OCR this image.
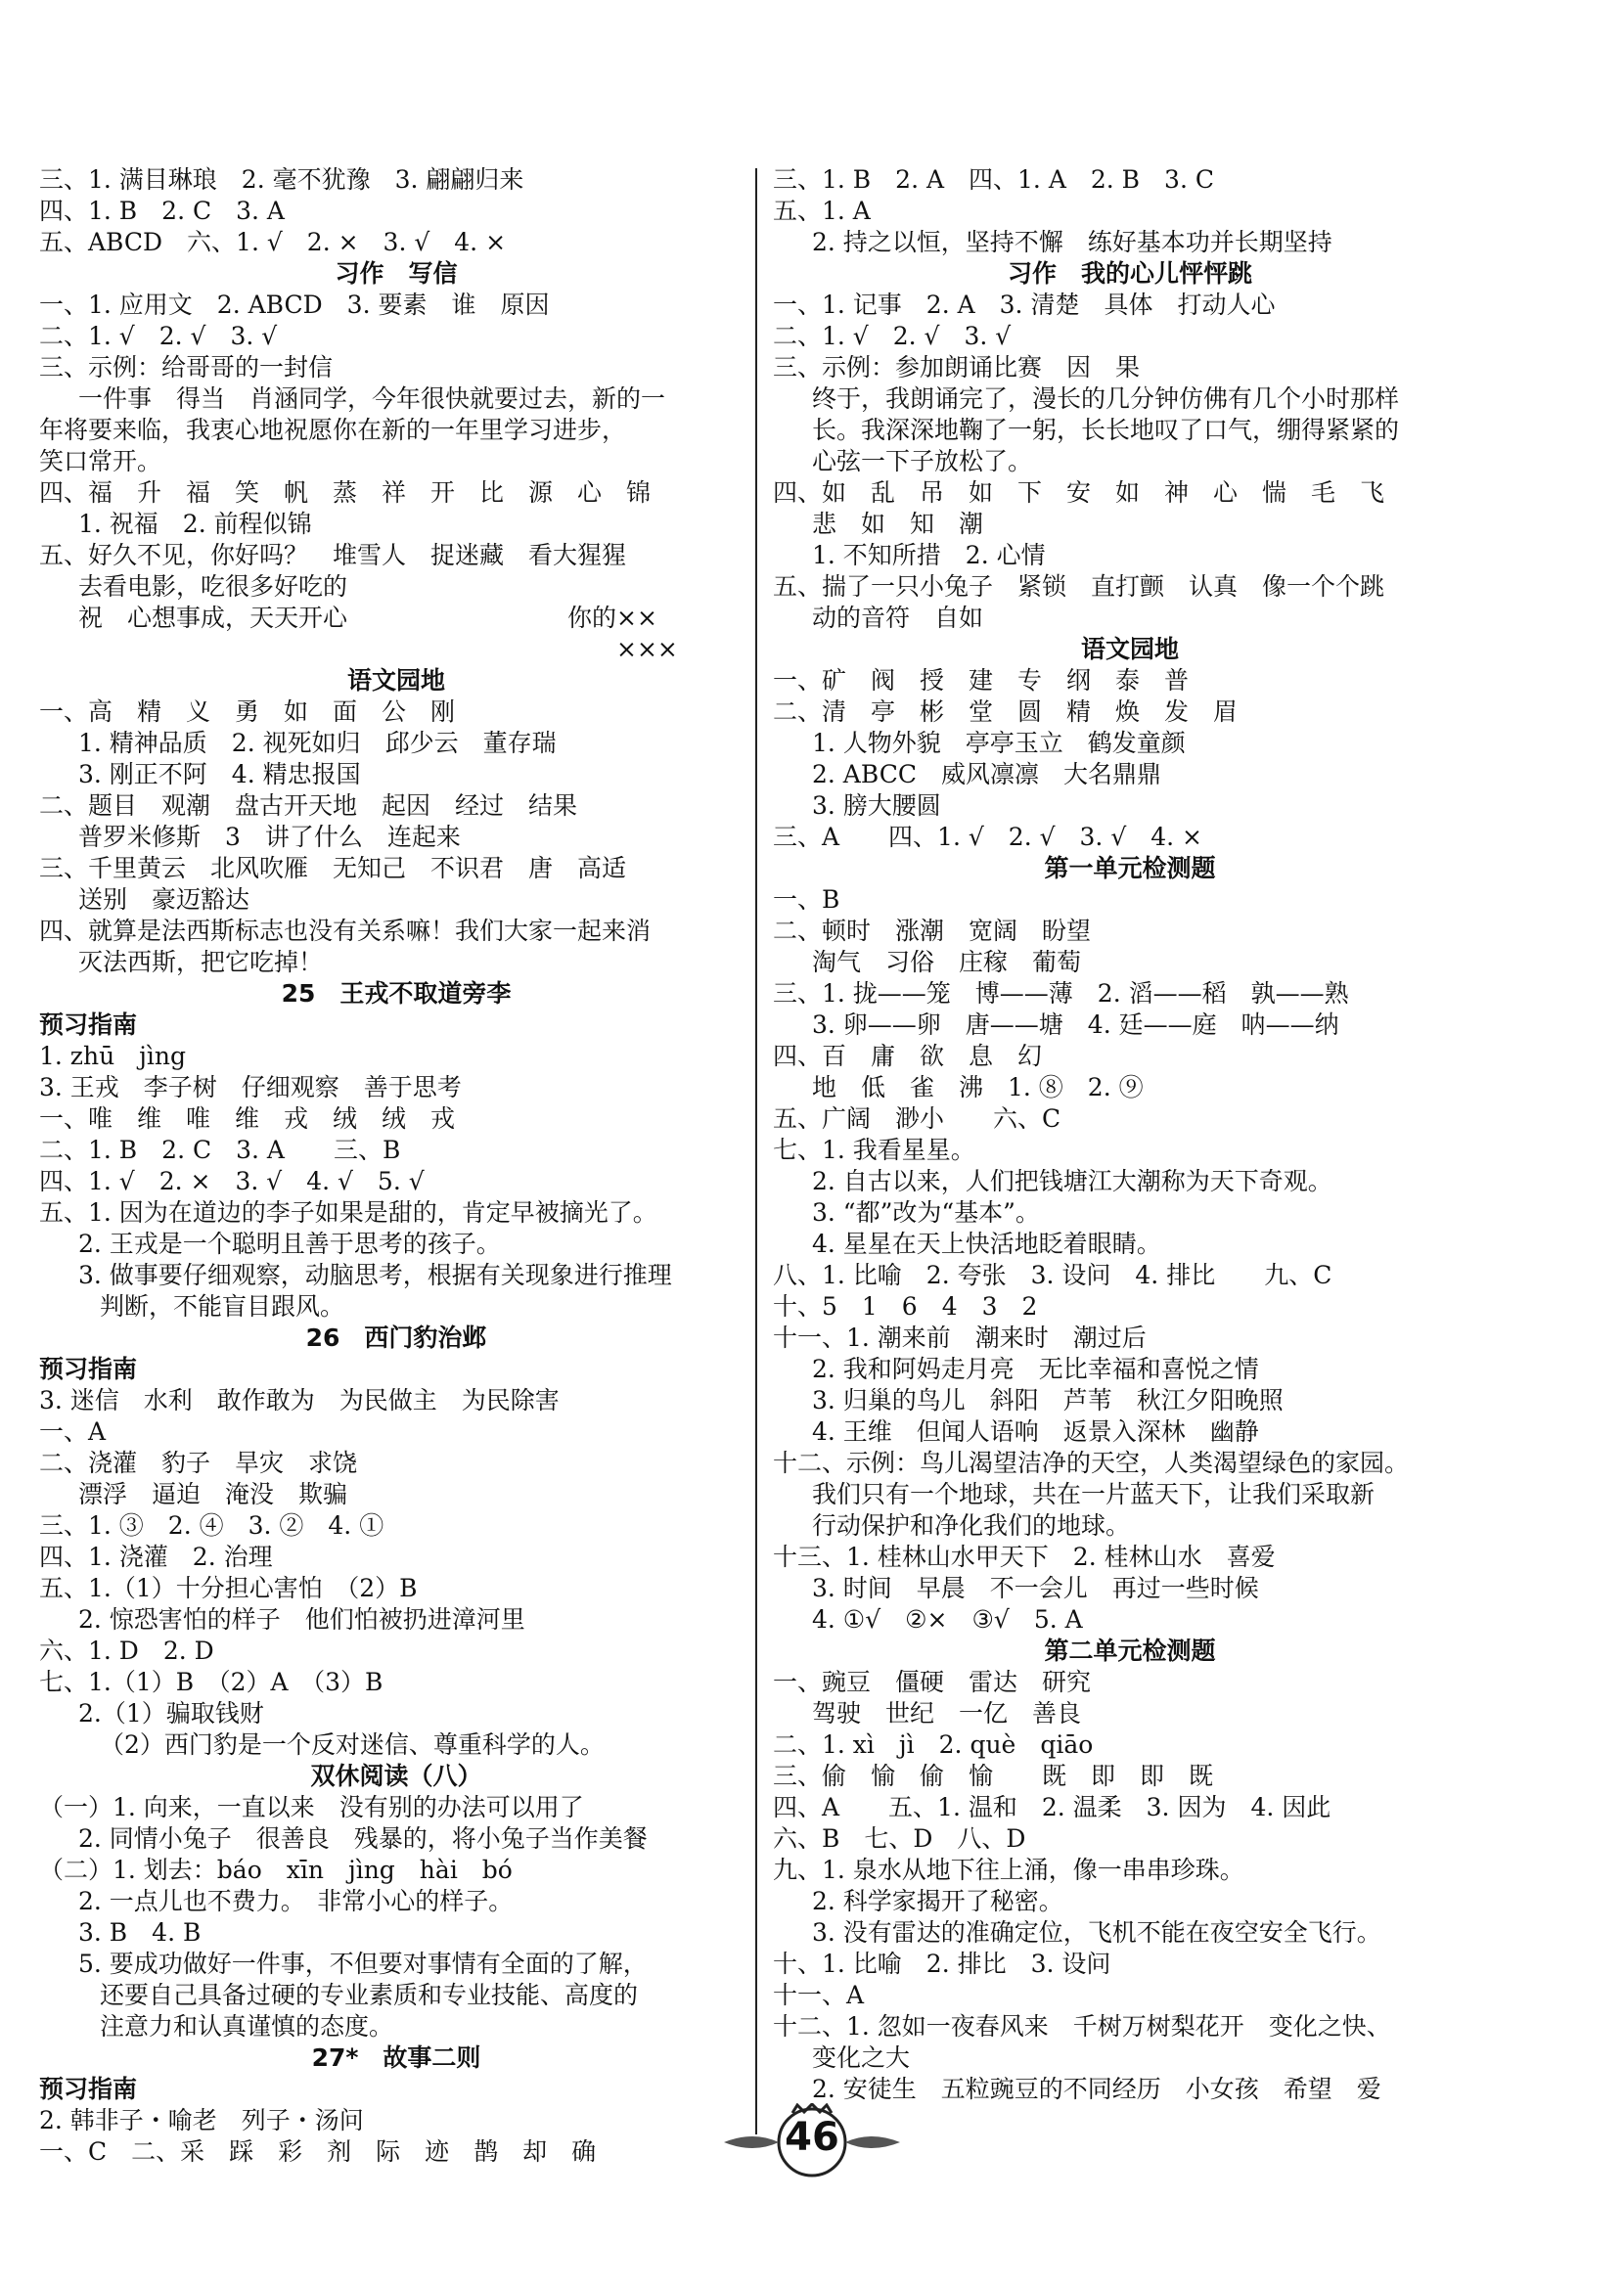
三、1. 满目琳琅　2. 毫不犹豫　3. 翩翩归来
四、1. B　2. C　3. A
五、ABCD　六、1. √　2. ×　3. √　4. ×
习作　写信
一、1. 应用文　2. ABCD　3. 要素　谁　原因
二、1. √　2. √　3. √
三、示例：给哥哥的一封信
一件事　得当　肖涵同学，今年很快就要过去，新的一
年将要来临，我衷心地祝愿你在新的一年里学习进步，
笑口常开。
四、福　升　福　笑　帆　蒸　祥　开　比　源　心　锦
1. 祝福　2. 前程似锦
五、好久不见，你好吗？　堆雪人　捉迷藏　看大猩猩
去看电影，吃很多好吃的
祝　心想事成，天天开心　　　　　　　　　你的××
　　　　　　　　　　　　　　　　　　　　　　×××
语文园地
一、高　精　义　勇　如　面　公　刚
1. 精神品质　2. 视死如归　邱少云　董存瑞
3. 刚正不阿　4. 精忠报国
二、题目　观潮　盘古开天地　起因　经过　结果
普罗米修斯　3　讲了什么　连起来
三、千里黄云　北风吹雁　无知己　不识君　唐　高适
送别　豪迈豁达
四、就算是法西斯标志也没有关系嘛！我们大家一起来消
灭法西斯，把它吃掉！
25　王戎不取道旁李
预习指南
1. zhū　jìng
3. 王戎　李子树　仔细观察　善于思考
一、唯　维　唯　维　戎　绒　绒　戎
二、1. B　2. C　3. A　　三、B
四、1. √　2. ×　3. √　4. √　5. √
五、1. 因为在道边的李子如果是甜的，肯定早被摘光了。
2. 王戎是一个聪明且善于思考的孩子。
3. 做事要仔细观察，动脑思考，根据有关现象进行推理
判断，不能盲目跟风。
26　西门豹治邺
预习指南
3. 迷信　水利　敢作敢为　为民做主　为民除害
一、A
二、浇灌　豹子　旱灾　求饶
漂浮　逼迫　淹没　欺骗
三、1. ③　2. ④　3. ②　4. ①
四、1. 浇灌　2. 治理
五、1.（1）十分担心害怕　（2）B
2. 惊恐害怕的样子　他们怕被扔进漳河里
六、1. D　2. D
七、1.（1）B　（2）A　（3）B
2.（1）骗取钱财
（2）西门豹是一个反对迷信、尊重科学的人。
双休阅读（八）
（一）1. 向来，一直以来　没有别的办法可以用了
2. 同情小兔子　很善良　残暴的，将小兔子当作美餐
（二）1. 划去：báo　xīn　jìng　hài　bó
2. 一点儿也不费力。　非常小心的样子。
3. B　4. B
5. 要成功做好一件事，不但要对事情有全面的了解，
还要自己具备过硬的专业素质和专业技能、高度的
注意力和认真谨慎的态度。
27*　故事二则
预习指南
2. 韩非子・喻老　列子・汤问
一、C　二、采　踩　彩　剂　际　迹　鹊　却　确
三、1. B　2. A　四、1. A　2. B　3. C
五、1. A
2. 持之以恒，坚持不懈　练好基本功并长期坚持
习作　我的心儿怦怦跳
一、1. 记事　2. A　3. 清楚　具体　打动人心
二、1. √　2. √　3. √
三、示例：参加朗诵比赛　因　果
终于，我朗诵完了，漫长的几分钟仿佛有几个小时那样
长。我深深地鞠了一躬，长长地叹了口气，绷得紧紧的
心弦一下子放松了。
四、如　乱　吊　如　下　安　如　神　心　惴　毛　飞
悲　如　知　潮
1. 不知所措　2. 心情
五、揣了一只小兔子　紧锁　直打颤　认真　像一个个跳
动的音符　自如
语文园地
一、矿　阀　授　建　专　纲　泰　普
二、清　亭　彬　堂　圆　精　焕　发　眉
1. 人物外貌　亭亭玉立　鹤发童颜
2. ABCC　威风凛凛　大名鼎鼎
3. 膀大腰圆
三、A　　四、1. √　2. √　3. √　4. ×
第一单元检测题
一、B
二、顿时　涨潮　宽阔　盼望
淘气　习俗　庄稼　葡萄
三、1. 拢——笼　博——薄　2. 滔——稻　孰——熟
3. 卵——卵　唐——塘　4. 廷——庭　呐——纳
四、百　庸　欲　息　幻
地　低　雀　沸　1. ⑧　2. ⑨
五、广阔　渺小　　六、C
七、1. 我看星星。
2. 自古以来，人们把钱塘江大潮称为天下奇观。
3. “都”改为“基本”。
4. 星星在天上快活地眨着眼睛。
八、1. 比喻　2. 夸张　3. 设问　4. 排比　　九、C
十、5　1　6　4　3　2
十一、1. 潮来前　潮来时　潮过后
2. 我和阿妈走月亮　无比幸福和喜悦之情
3. 归巢的鸟儿　斜阳　芦苇　秋江夕阳晚照
4. 王维　但闻人语响　返景入深林　幽静
十二、示例：鸟儿渴望洁净的天空，人类渴望绿色的家园。
我们只有一个地球，共在一片蓝天下，让我们采取新
行动保护和净化我们的地球。
十三、1. 桂林山水甲天下　2. 桂林山水　喜爱
3. 时间　早晨　不一会儿　再过一些时候
4. ①√　②×　③√　5. A
第二单元检测题
一、豌豆　僵硬　雷达　研究
驾驶　世纪　一亿　善良
二、1. xì　jì　2. què　qiāo
三、偷　愉　偷　愉　　既　即　即　既
四、A　　五、1. 温和　2. 温柔　3. 因为　4. 因此
六、B　七、D　八、D
九、1. 泉水从地下往上涌，像一串串珍珠。
2. 科学家揭开了秘密。
3. 没有雷达的准确定位，飞机不能在夜空安全飞行。
十、1. 比喻　2. 排比　3. 设问
十一、A
十二、1. 忽如一夜春风来　千树万树梨花开　变化之快、
变化之大
2. 安徒生　五粒豌豆的不同经历　小女孩　希望　爱
46
